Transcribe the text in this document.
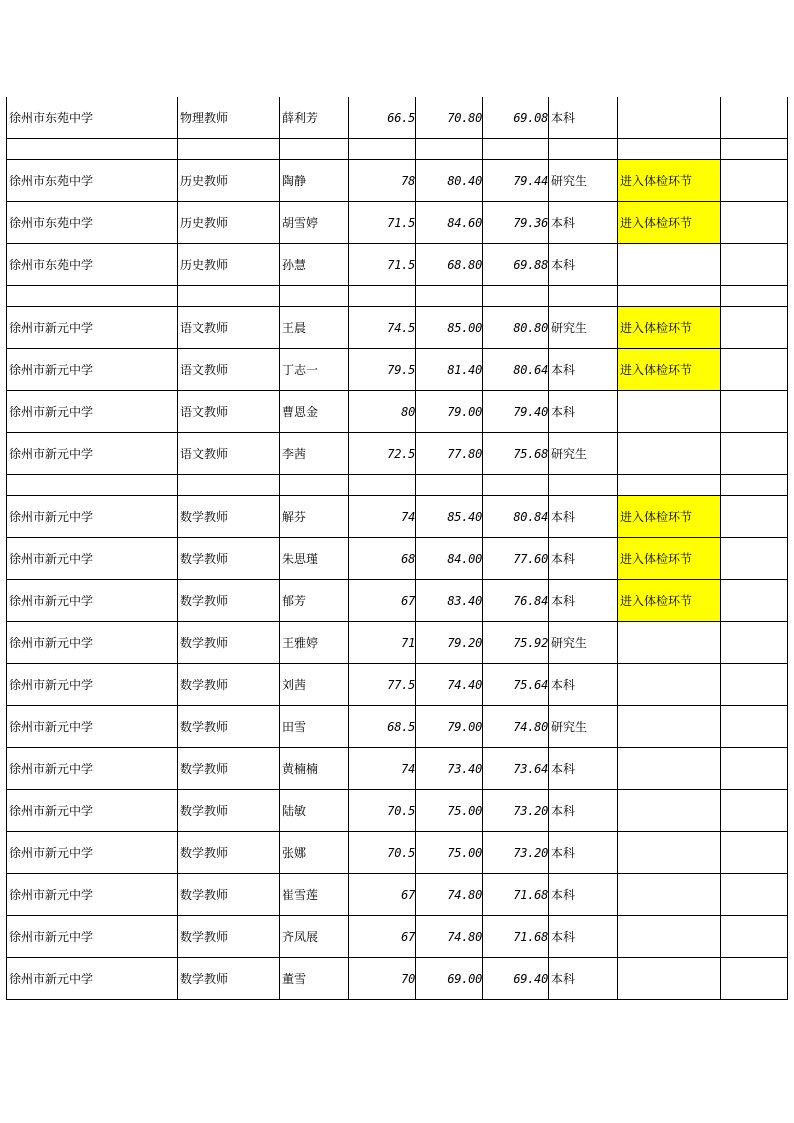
徐州市东苑中学	物理教师	薛利芳	66.5	70.80	69.08	本科		

徐州市东苑中学	历史教师	陶静	78	80.40	79.44	研究生	进入体检环节	
徐州市东苑中学	历史教师	胡雪婷	71.5	84.60	79.36	本科	进入体检环节	
徐州市东苑中学	历史教师	孙慧	71.5	68.80	69.88	本科		

徐州市新元中学	语文教师	王晨	74.5	85.00	80.80	研究生	进入体检环节	
徐州市新元中学	语文教师	丁志一	79.5	81.40	80.64	本科	进入体检环节	
徐州市新元中学	语文教师	曹恩金	80	79.00	79.40	本科		
徐州市新元中学	语文教师	李茜	72.5	77.80	75.68	研究生		

徐州市新元中学	数学教师	解芬	74	85.40	80.84	本科	进入体检环节	
徐州市新元中学	数学教师	朱思瑾	68	84.00	77.60	本科	进入体检环节	
徐州市新元中学	数学教师	郁芳	67	83.40	76.84	本科	进入体检环节	
徐州市新元中学	数学教师	王雅婷	71	79.20	75.92	研究生		
徐州市新元中学	数学教师	刘茜	77.5	74.40	75.64	本科		
徐州市新元中学	数学教师	田雪	68.5	79.00	74.80	研究生		
徐州市新元中学	数学教师	黄楠楠	74	73.40	73.64	本科		
徐州市新元中学	数学教师	陆敏	70.5	75.00	73.20	本科		
徐州市新元中学	数学教师	张娜	70.5	75.00	73.20	本科		
徐州市新元中学	数学教师	崔雪莲	67	74.80	71.68	本科		
徐州市新元中学	数学教师	齐凤展	67	74.80	71.68	本科		
徐州市新元中学	数学教师	董雪	70	69.00	69.40	本科		
